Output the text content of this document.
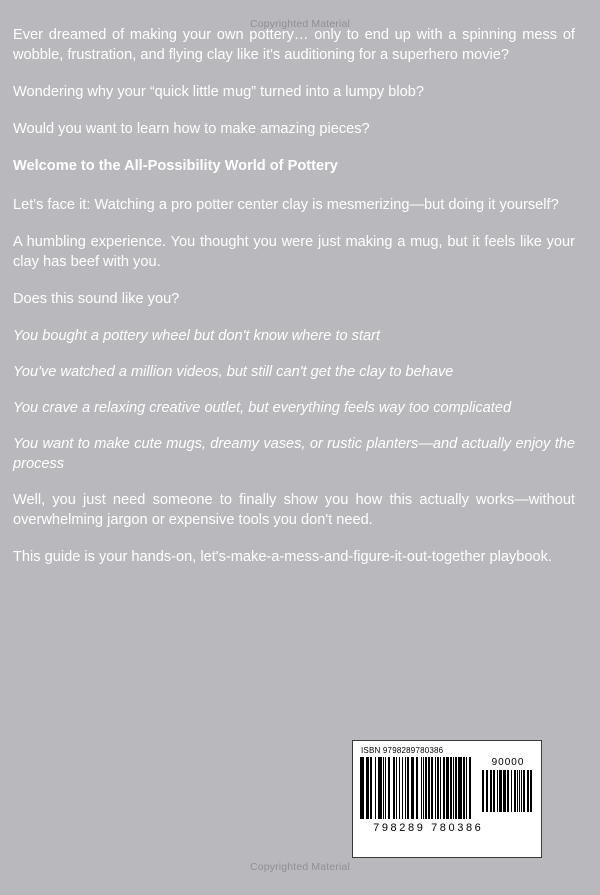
Copyrighted Material

Ever dreamed of making your own pottery… only to end up with a spinning mess of wobble, frustration, and flying clay like it's auditioning for a superhero movie?

Wondering why your “quick little mug” turned into a lumpy blob?

Would you want to learn how to make amazing pieces?

Welcome to the All-Possibility World of Pottery

Let's face it: Watching a pro potter center clay is mesmerizing—but doing it yourself?

A humbling experience. You thought you were just making a mug, but it feels like your clay has beef with you.

Does this sound like you?

You bought a pottery wheel but don't know where to start

You've watched a million videos, but still can't get the clay to behave

You crave a relaxing creative outlet, but everything feels way too complicated

You want to make cute mugs, dreamy vases, or rustic planters—and actually enjoy the process

Well, you just need someone to finally show you how this actually works—without overwhelming jargon or expensive tools you don't need.

This guide is your hands-on, let's-make-a-mess-and-figure-it-out-together playbook.

ISBN 9798289780386
90000
9 798289 780386
Copyrighted Material
